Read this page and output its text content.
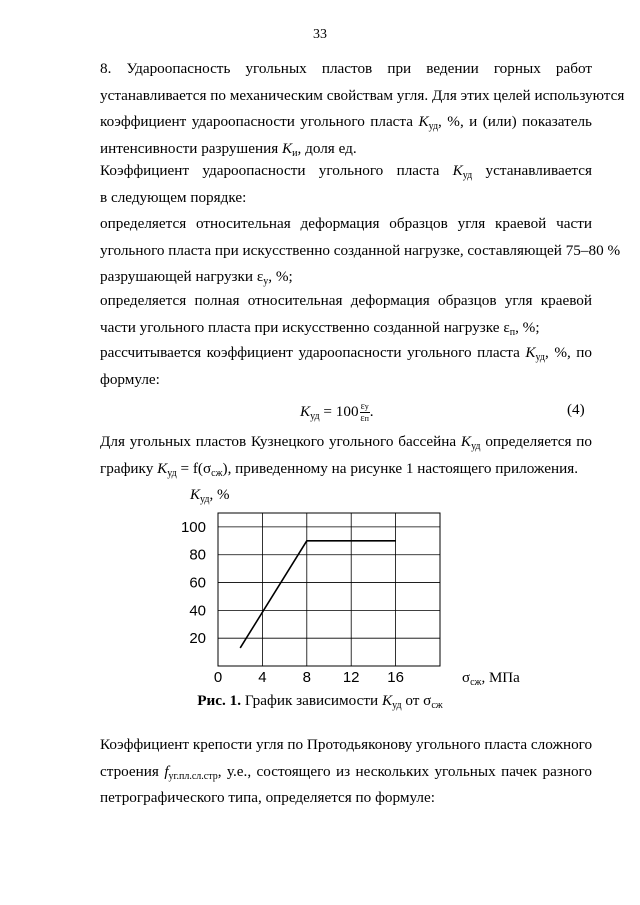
33
8. Удароопасность угольных пластов при ведении горных работ
устанавливается по механическим свойствам угля. Для этих целей используются
коэффициент удароопасности угольного пласта $K_{уд}$, %, и (или) показатель
интенсивности разрушения $K_и$, доля ед.
Коэффициент удароопасности угольного пласта $K_{уд}$ устанавливается
в следующем порядке:
определяется относительная деформация образцов угля краевой части
угольного пласта при искусственно созданной нагрузке, составляющей 75–80 %
разрушающей нагрузки $\varepsilon_у$, %;
определяется полная относительная деформация образцов угля краевой
части угольного пласта при искусственно созданной нагрузке $\varepsilon_п$, %;
рассчитывается коэффициент удароопасности угольного пласта $K_{уд}$, %, по
формуле:
$K_{уд} = 100 \frac{\varepsilon у}{\varepsilon п}$ .	(4)
Для угольных пластов Кузнецкого угольного бассейна $K_{уд}$ определяется по
графику $K_{уд} = f(\sigma_{сж})$, приведенному на рисунке 1 настоящего приложения.
0 4 8 12 16
20
40
60
80
100
$K_{уд}$, %
$\sigma_{сж}$, МПа
Рис. 1. График зависимости $K_{уд}$ от $\sigma_{сж}$
Коэффициент крепости угля по Протодьяконову угольного пласта сложного
строения $f_{уг.пл.сл.стр}$, у.е., состоящего из нескольких угольных пачек разного
петрографического типа, определяется по формуле:
